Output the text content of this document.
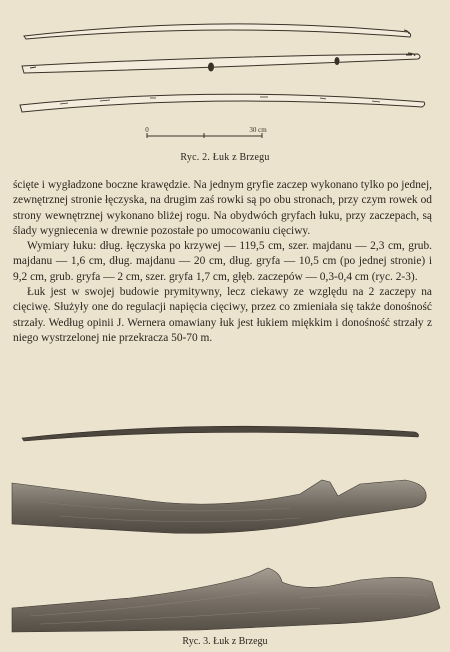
0	30 cm
Ryc. 2. Łuk z Brzegu

ścięte i wygładzone boczne krawędzie. Na jednym gryfie zaczep wykonano tylko po jednej, zewnętrznej stronie łęczyska, na drugim zaś rowki są po obu stronach, przy czym rowek od strony wewnętrznej wykonano bliżej rogu. Na obydwóch gryfach łuku, przy zaczepach, są ślady wygniecenia w drewnie pozostałe po umocowaniu cięciwy.

Wymiary łuku: dług. łęczyska po krzywej — 119,5 cm, szer. majdanu — 2,3 cm, grub. majdanu — 1,6 cm, dług. majdanu — 20 cm, dług. gryfa — 10,5 cm (po jednej stronie) i 9,2 cm, grub. gryfa — 2 cm, szer. gryfa 1,7 cm, głęb. zaczepów — 0,3-0,4 cm (ryc. 2-3).

Łuk jest w swojej budowie prymitywny, lecz ciekawy ze względu na 2 zaczepy na cięciwę. Służyły one do regulacji napięcia cięciwy, przez co zmieniała się także donośność strzały. Według opinii J. Wernera omawiany łuk jest łukiem miękkim i donośność strzały z niego wystrzelonej nie przekracza 50-70 m.

Ryc. 3. Łuk z Brzegu
